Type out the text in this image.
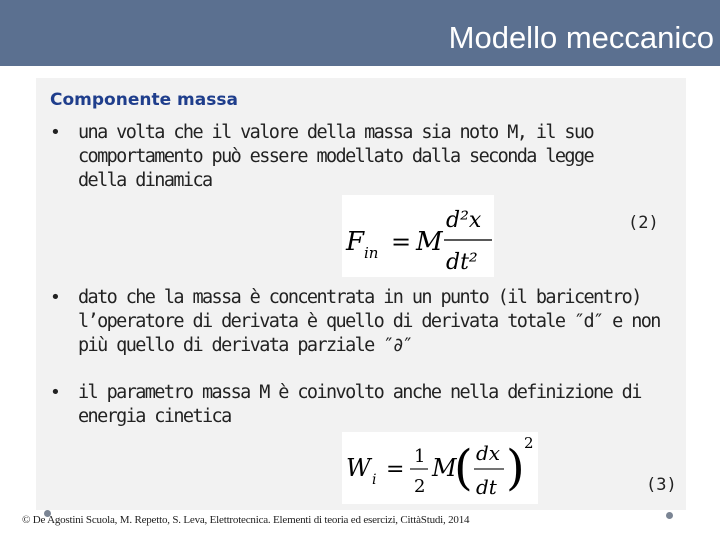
Modello meccanico
Componente massa
• una volta che il valore della massa sia noto M, il suo
comportamento può essere modellato dalla seconda legge
della dinamica
F in = M
d²x
dt²
(2)
• dato che la massa è concentrata in un punto (il baricentro)
l’operatore di derivata è quello di derivata totale ″d″ e non
più quello di derivata parziale ″∂″
• il parametro massa M è coinvolto anche nella definizione di
energia cinetica
W i =
1
2
M
( dx
dt ) 2
(3)
© De Agostini Scuola, M. Repetto, S. Leva, Elettrotecnica. Elementi di teoria ed esercizi, CittàStudi, 2014
